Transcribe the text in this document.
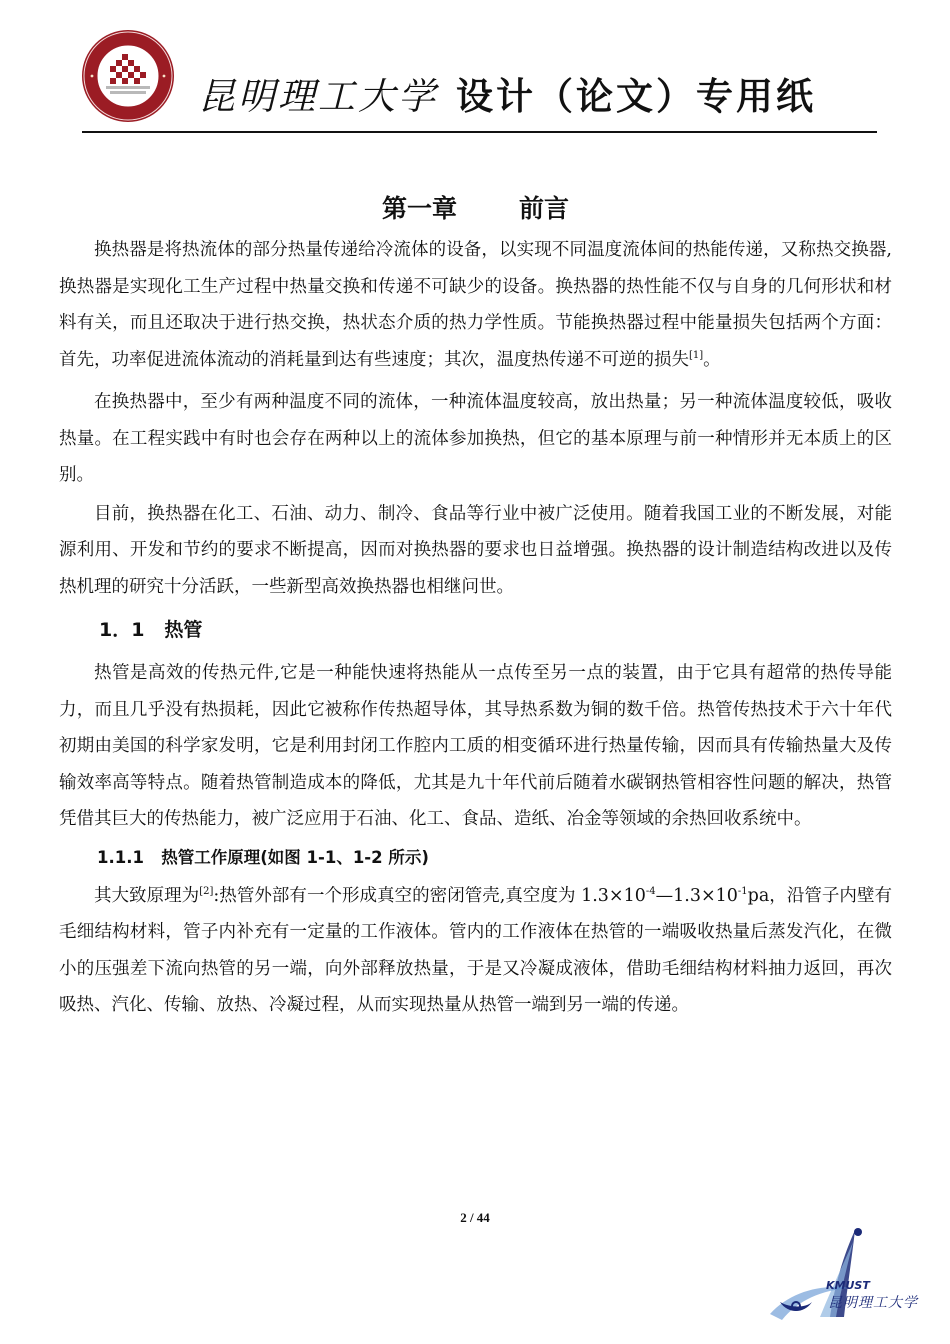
昆明理工大学 设计（论文）专用纸
第一章 前言

换热器是将热流体的部分热量传递给冷流体的设备，以实现不同温度流体间的热能传递，又称热交换器,换热器是实现化工生产过程中热量交换和传递不可缺少的设备。换热器的热性能不仅与自身的几何形状和材料有关，而且还取决于进行热交换，热状态介质的热力学性质。节能换热器过程中能量损失包括两个方面：首先，功率促进流体流动的消耗量到达有些速度；其次，温度热传递不可逆的损失[1]。

在换热器中，至少有两种温度不同的流体，一种流体温度较高，放出热量；另一种流体温度较低，吸收热量。在工程实践中有时也会存在两种以上的流体参加换热，但它的基本原理与前一种情形并无本质上的区别。

目前，换热器在化工、石油、动力、制冷、食品等行业中被广泛使用。随着我国工业的不断发展，对能源利用、开发和节约的要求不断提高，因而对换热器的要求也日益增强。换热器的设计制造结构改进以及传热机理的研究十分活跃，一些新型高效换热器也相继问世。

1．1 热管

热管是高效的传热元件,它是一种能快速将热能从一点传至另一点的装置，由于它具有超常的热传导能力，而且几乎没有热损耗，因此它被称作传热超导体，其导热系数为铜的数千倍。热管传热技术于六十年代初期由美国的科学家发明，它是利用封闭工作腔内工质的相变循环进行热量传输，因而具有传输热量大及传输效率高等特点。随着热管制造成本的降低，尤其是九十年代前后随着水碳钢热管相容性问题的解决，热管凭借其巨大的传热能力，被广泛应用于石油、化工、食品、造纸、冶金等领域的余热回收系统中。

1.1.1 热管工作原理(如图 1-1、1-2 所示)

其大致原理为[2]:热管外部有一个形成真空的密闭管壳,真空度为 $1.3\times 10^{-4}—1.3\times 10^{-1}pa$，沿管子内壁有毛细结构材料，管子内补充有一定量的工作液体。管内的工作液体在热管的一端吸收热量后蒸发汽化，在微小的压强差下流向热管的另一端，向外部释放热量，于是又冷凝成液体，借助毛细结构材料抽力返回，再次吸热、汽化、传输、放热、冷凝过程，从而实现热量从热管一端到另一端的传递。

2 / 44
KMUST
昆明理工大学
